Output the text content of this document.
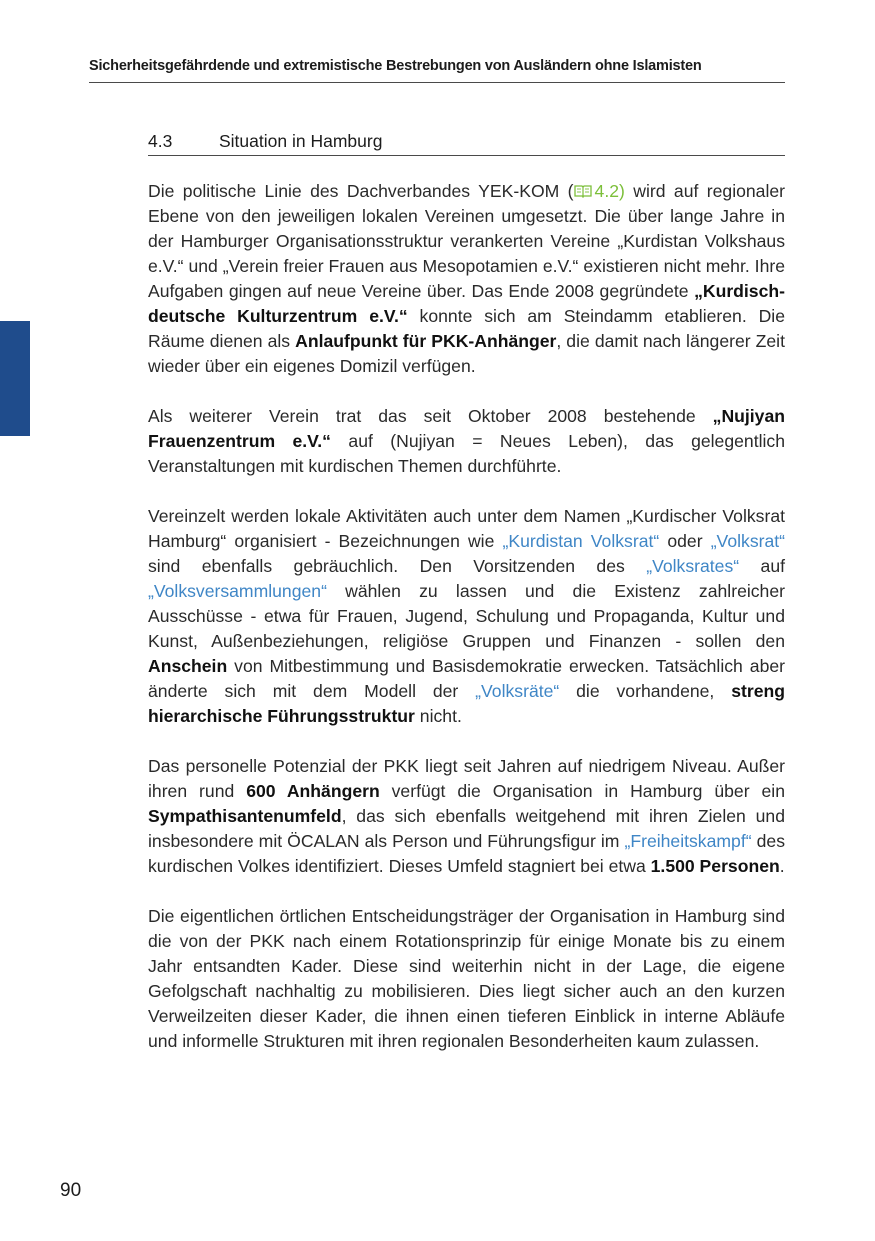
Sicherheitsgefährdende und extremistische Bestrebungen von Ausländern ohne Islamisten
4.3	Situation in Hamburg

Die politische Linie des Dachverbandes YEK-KOM ( 4.2) wird auf regionaler Ebene von den jeweiligen lokalen Vereinen umgesetzt. Die über lange Jahre in der Hamburger Organisationsstruktur verankerten Vereine „Kurdistan Volkshaus e.V.“ und „Verein freier Frauen aus Mesopotamien e.V.“ existieren nicht mehr. Ihre Aufgaben gingen auf neue Vereine über. Das Ende 2008 gegründete „Kurdisch-deutsche Kulturzentrum e.V.“ konnte sich am Steindamm etablieren. Die Räume dienen als Anlaufpunkt für PKK-Anhänger, die damit nach längerer Zeit wieder über ein eigenes Domizil verfügen.

Als weiterer Verein trat das seit Oktober 2008 bestehende „Nujiyan Frauenzentrum e.V.“ auf (Nujiyan = Neues Leben), das gelegentlich Veranstaltungen mit kurdischen Themen durchführte.

Vereinzelt werden lokale Aktivitäten auch unter dem Namen „Kurdischer Volksrat Hamburg“ organisiert - Bezeichnungen wie „Kurdistan Volksrat“ oder „Volksrat“ sind ebenfalls gebräuchlich. Den Vorsitzenden des „Volksrates“ auf „Volksversammlungen“ wählen zu lassen und die Existenz zahlreicher Ausschüsse - etwa für Frauen, Jugend, Schulung und Propaganda, Kultur und Kunst, Außenbeziehungen, religiöse Gruppen und Finanzen - sollen den Anschein von Mitbestimmung und Basisdemokratie erwecken. Tatsächlich aber änderte sich mit dem Modell der „Volksräte“ die vorhandene, streng hierarchische Führungsstruktur nicht.

Das personelle Potenzial der PKK liegt seit Jahren auf niedrigem Niveau. Außer ihren rund 600 Anhängern verfügt die Organisation in Hamburg über ein Sympathisantenumfeld, das sich ebenfalls weitgehend mit ihren Zielen und insbesondere mit ÖCALAN als Person und Führungsfigur im „Freiheitskampf“ des kurdischen Volkes identifiziert. Dieses Umfeld stagniert bei etwa 1.500 Personen.

Die eigentlichen örtlichen Entscheidungsträger der Organisation in Hamburg sind die von der PKK nach einem Rotationsprinzip für einige Monate bis zu einem Jahr entsandten Kader. Diese sind weiterhin nicht in der Lage, die eigene Gefolgschaft nachhaltig zu mobilisieren. Dies liegt sicher auch an den kurzen Verweilzeiten dieser Kader, die ihnen einen tieferen Einblick in interne Abläufe und informelle Strukturen mit ihren regionalen Besonderheiten kaum zulassen.

90
